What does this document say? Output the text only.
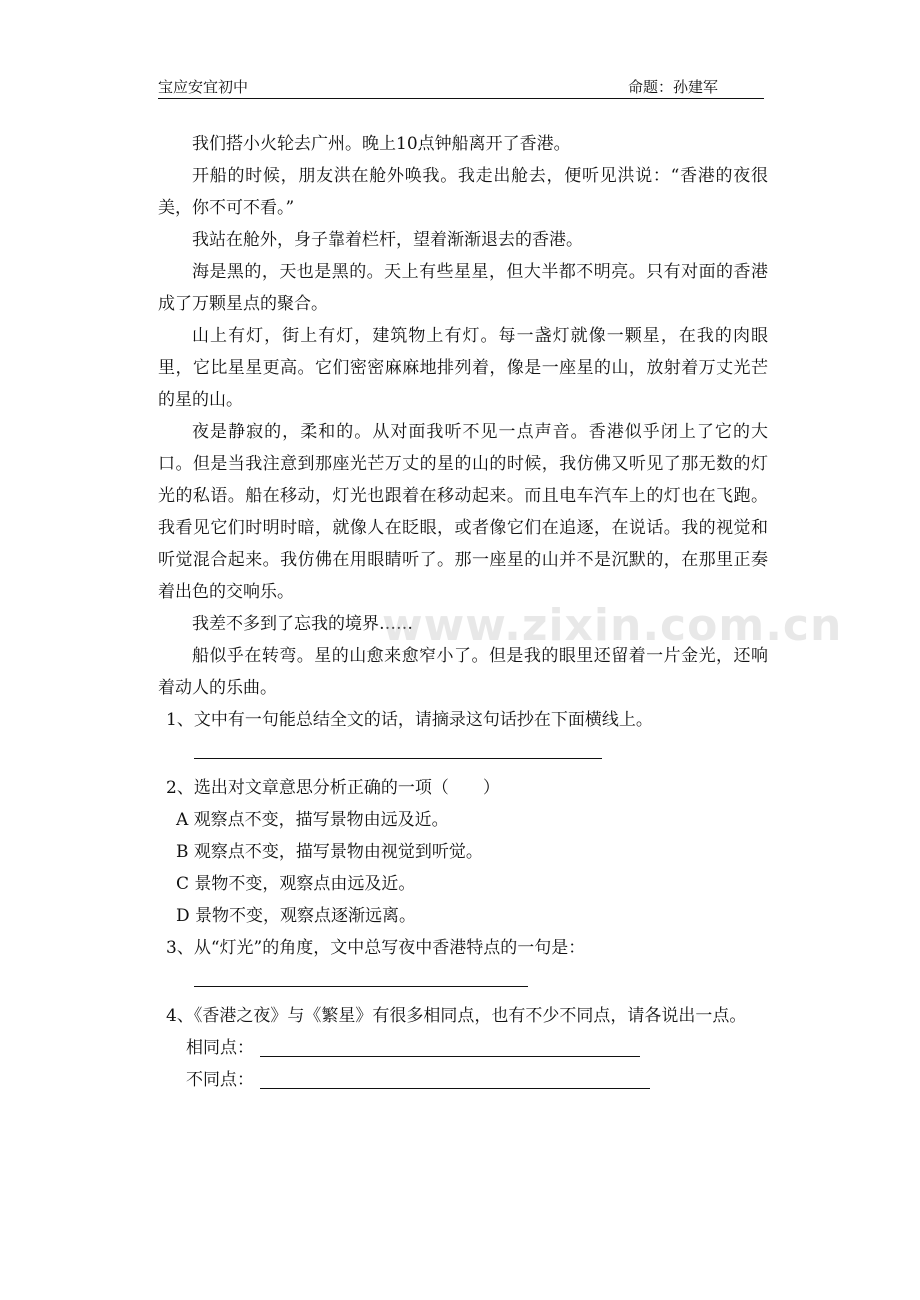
宝应安宜初中	命题：孙建军

我们搭小火轮去广州。晚上10点钟船离开了香港。

开船的时候，朋友洪在舱外唤我。我走出舱去，便听见洪说：“香港的夜很美，你不可不看。”

我站在舱外，身子靠着栏杆，望着渐渐退去的香港。

海是黑的，天也是黑的。天上有些星星，但大半都不明亮。只有对面的香港成了万颗星点的聚合。

山上有灯，街上有灯，建筑物上有灯。每一盏灯就像一颗星，在我的肉眼里，它比星星更高。它们密密麻麻地排列着，像是一座星的山，放射着万丈光芒的星的山。

夜是静寂的，柔和的。从对面我听不见一点声音。香港似乎闭上了它的大口。但是当我注意到那座光芒万丈的星的山的时候，我仿佛又听见了那无数的灯光的私语。船在移动，灯光也跟着在移动起来。而且电车汽车上的灯也在飞跑。我看见它们时明时暗，就像人在眨眼，或者像它们在追逐，在说话。我的视觉和听觉混合起来。我仿佛在用眼睛听了。那一座星的山并不是沉默的，在那里正奏着出色的交响乐。

我差不多到了忘我的境界……

船似乎在转弯。星的山愈来愈窄小了。但是我的眼里还留着一片金光，还响着动人的乐曲。

1、文中有一句能总结全文的话，请摘录这句话抄在下面横线上。

2、选出对文章意思分析正确的一项（　　）

A 观察点不变，描写景物由远及近。

B 观察点不变，描写景物由视觉到听觉。

C 景物不变，观察点由远及近。

D 景物不变，观察点逐渐远离。

3、从“灯光”的角度，文中总写夜中香港特点的一句是：

4、《香港之夜》与《繁星》有很多相同点，也有不少不同点，请各说出一点。

相同点：
不同点：
www.zixin.com.cn
